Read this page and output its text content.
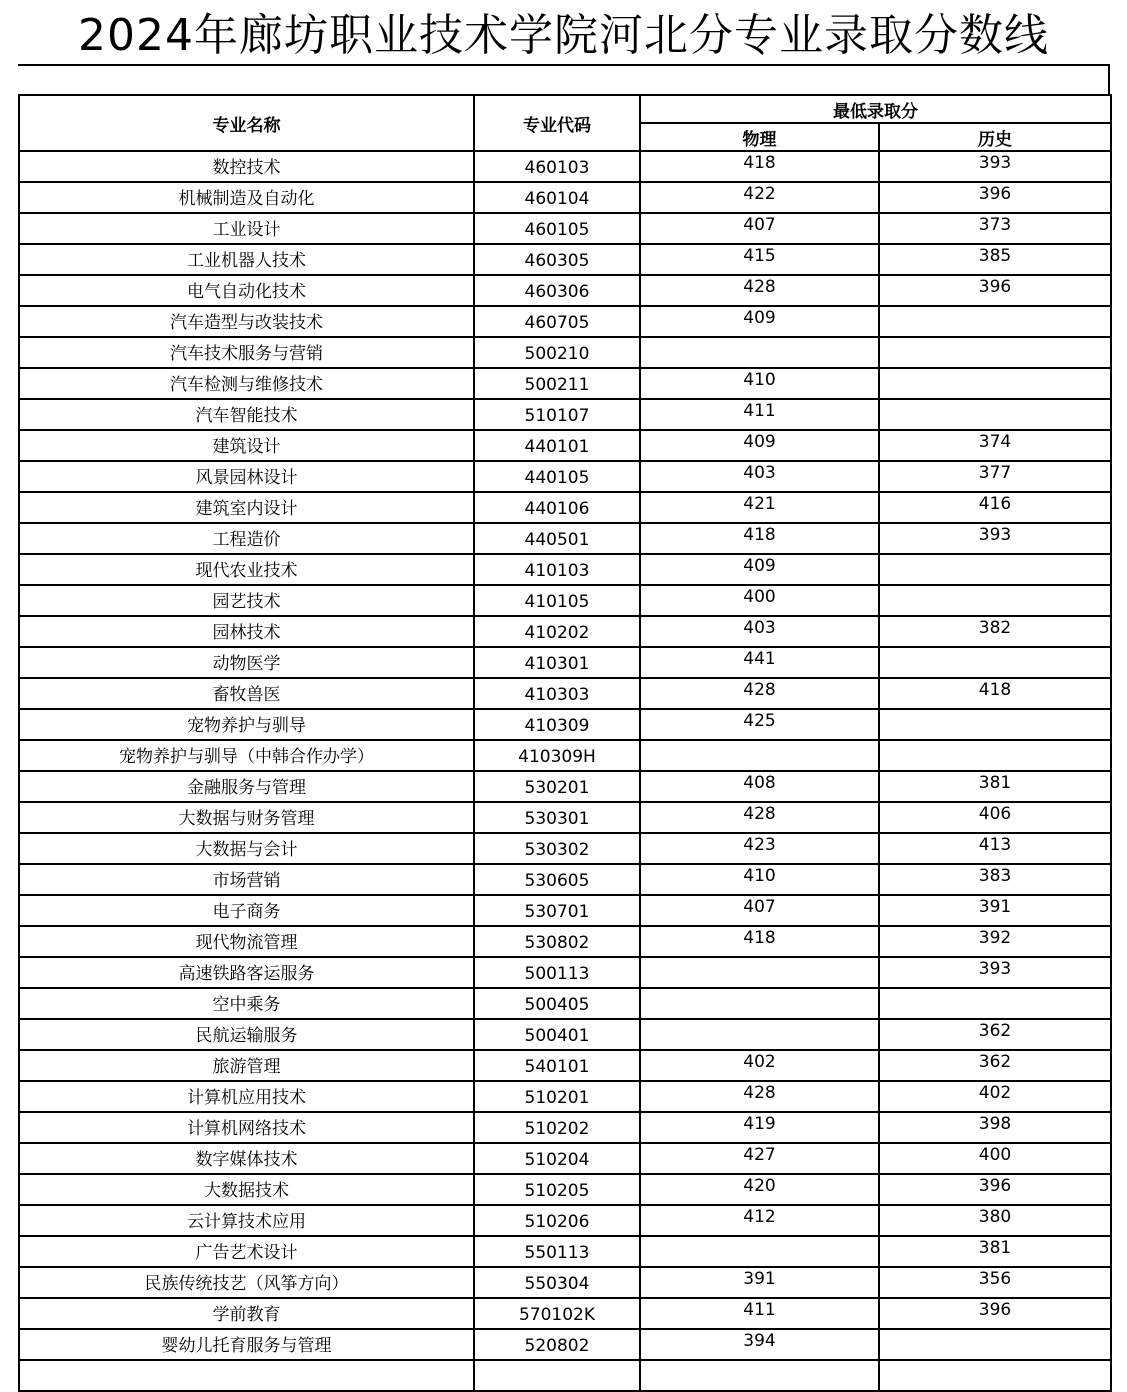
2024年廊坊职业技术学院河北分专业录取分数线
专业名称	专业代码	最低录取分	
		物理	历史
数控技术	460103	418	393
机械制造及自动化	460104	422	396
工业设计	460105	407	373
工业机器人技术	460305	415	385
电气自动化技术	460306	428	396
汽车造型与改装技术	460705	409	
汽车技术服务与营销	500210		
汽车检测与维修技术	500211	410	
汽车智能技术	510107	411	
建筑设计	440101	409	374
风景园林设计	440105	403	377
建筑室内设计	440106	421	416
工程造价	440501	418	393
现代农业技术	410103	409	
园艺技术	410105	400	
园林技术	410202	403	382
动物医学	410301	441	
畜牧兽医	410303	428	418
宠物养护与驯导	410309	425	
宠物养护与驯导（中韩合作办学）	410309H		
金融服务与管理	530201	408	381
大数据与财务管理	530301	428	406
大数据与会计	530302	423	413
市场营销	530605	410	383
电子商务	530701	407	391
现代物流管理	530802	418	392
高速铁路客运服务	500113		393
空中乘务	500405		
民航运输服务	500401		362
旅游管理	540101	402	362
计算机应用技术	510201	428	402
计算机网络技术	510202	419	398
数字媒体技术	510204	427	400
大数据技术	510205	420	396
云计算技术应用	510206	412	380
广告艺术设计	550113		381
民族传统技艺（风筝方向）	550304	391	356
学前教育	570102K	411	396
婴幼儿托育服务与管理	520802	394	
